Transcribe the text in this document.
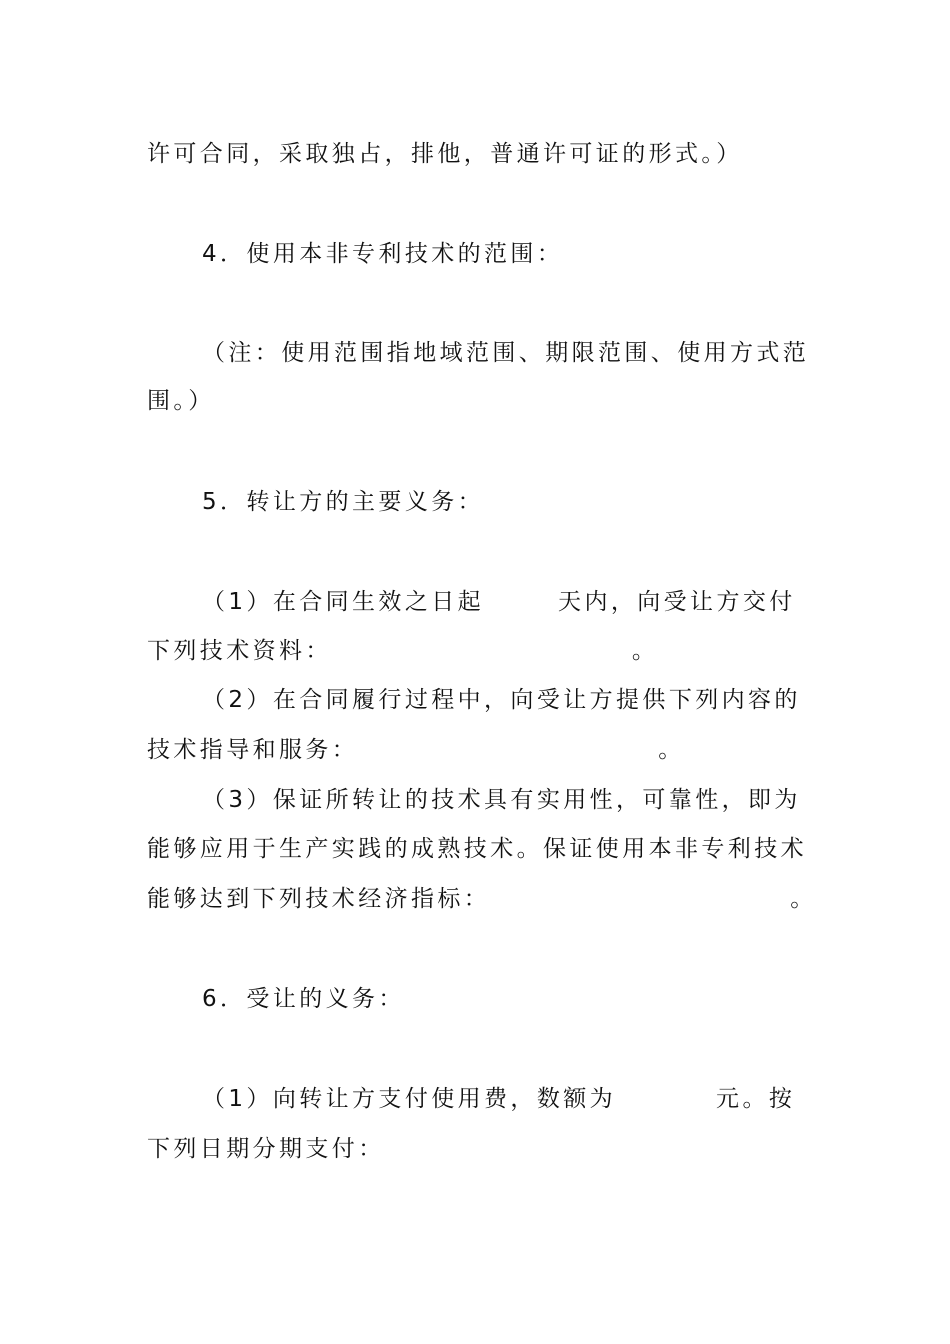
许可合同，采取独占，排他，普通许可证的形式。）
4．使用本非专利技术的范围：
（注：使用范围指地域范围、期限范围、使用方式范
围。）
5．转让方的主要义务：
（1）在合同生效之日起	天内，向受让方交付
下列技术资料：	。
（2）在合同履行过程中，向受让方提供下列内容的
技术指导和服务：	。
（3）保证所转让的技术具有实用性，可靠性，即为
能够应用于生产实践的成熟技术。保证使用本非专利技术
能够达到下列技术经济指标：	。
6．受让的义务：
（1）向转让方支付使用费，数额为	元。按
下列日期分期支付：
